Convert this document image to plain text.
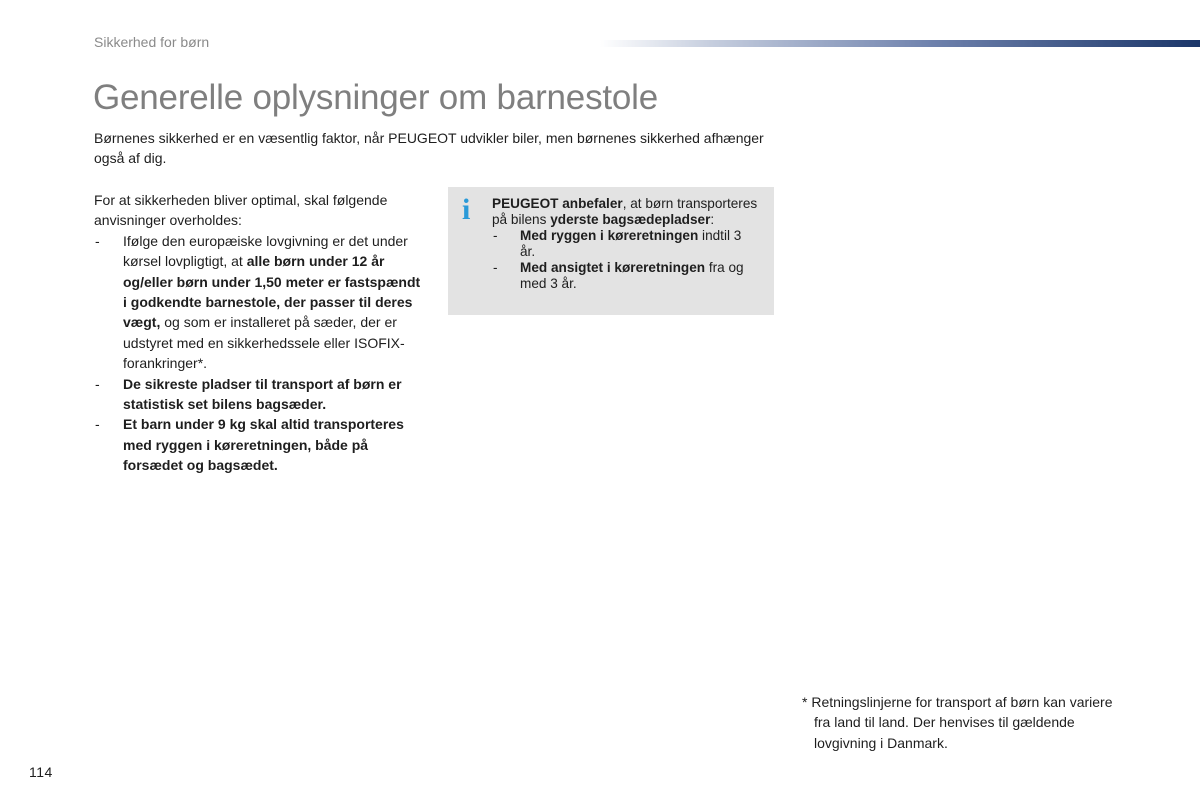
Sikkerhed for børn
Generelle oplysninger om barnestole

Børnenes sikkerhed er en væsentlig faktor, når PEUGEOT udvikler biler, men børnenes sikkerhed afhænger også af dig.

For at sikkerheden bliver optimal, skal følgende anvisninger overholdes:

- Ifølge den europæiske lovgivning er det under kørsel lovpligtigt, at alle børn under 12 år og/eller børn under 1,50 meter er fastspændt i godkendte barnestole, der passer til deres vægt, og som er installeret på sæder, der er udstyret med en sikkerhedssele eller ISOFIX-forankringer*.
- De sikreste pladser til transport af børn er statistisk set bilens bagsæder.
- Et barn under 9 kg skal altid transporteres med ryggen i køreretningen, både på forsædet og bagsædet.
i PEUGEOT anbefaler, at børn transporteres på bilens yderste bagsædepladser:

- Med ryggen i køreretningen indtil 3 år.
- Med ansigtet i køreretningen fra og med 3 år.

* Retningslinjerne for transport af børn kan variere fra land til land. Der henvises til gældende lovgivning i Danmark.

114
